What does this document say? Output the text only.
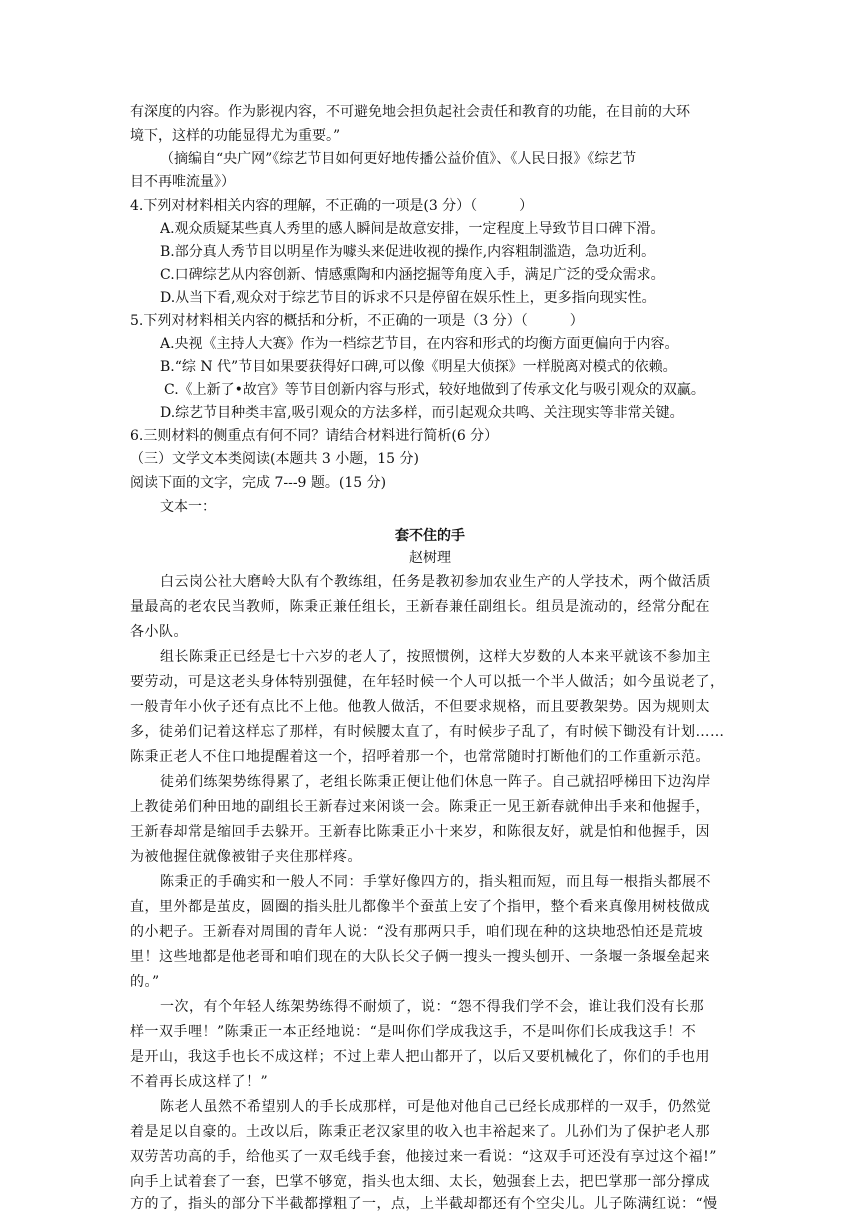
有深度的内容。作为影视内容，不可避免地会担负起社会责任和教育的功能，在目前的大环
境下，这样的功能显得尤为重要。”
（摘编自“央广网”《综艺节目如何更好地传播公益价值》、《人民日报》《综艺节
目不再唯流量》）
4.下列对材料相关内容的理解，不正确的一项是(3 分）（　　　）
A.观众质疑某些真人秀里的感人瞬间是故意安排，一定程度上导致节目口碑下滑。
B.部分真人秀节目以明星作为噱头来促进收视的操作,内容粗制滥造，急功近利。
C.口碑综艺从内容创新、情感熏陶和内涵挖掘等角度入手，满足广泛的受众需求。
D.从当下看,观众对于综艺节目的诉求不只是停留在娱乐性上，更多指向现实性。
5.下列对材料相关内容的概括和分析，不正确的一项是（3 分）（　　　）
A.央视《主持人大赛》作为一档综艺节目，在内容和形式的均衡方面更偏向于内容。
B.“综 N 代”节目如果要获得好口碑,可以像《明星大侦探》一样脱离对模式的依赖。
C.《上新了•故宫》等节目创新内容与形式，较好地做到了传承文化与吸引观众的双赢。
D.综艺节目种类丰富,吸引观众的方法多样，而引起观众共鸣、关注现实等非常关键。
6.三则材料的侧重点有何不同？请结合材料进行简析(6 分）
（三）文学文本类阅读(本题共 3 小题，15 分)
阅读下面的文字，完成 7---9 题。(15 分)
文本一：
套不住的手
赵树理
白云岗公社大磨岭大队有个教练组，任务是教初参加农业生产的人学技术，两个做活质
量最高的老农民当教师，陈秉正兼任组长，王新春兼任副组长。组员是流动的，经常分配在
各小队。
组长陈秉正已经是七十六岁的老人了，按照惯例，这样大岁数的人本来平就该不参加主
要劳动，可是这老头身体特别强健，在年轻时候一个人可以抵一个半人做活；如今虽说老了，
一般青年小伙子还有点比不上他。他教人做活，不但要求规格，而且要教架势。因为规则太
多，徒弟们记着这样忘了那样，有时候腰太直了，有时候步子乱了，有时候下锄没有计划……
陈秉正老人不住口地提醒着这一个，招呼着那一个，也常常随时打断他们的工作重新示范。
徒弟们练架势练得累了，老组长陈秉正便让他们休息一阵子。自己就招呼梯田下边沟岸
上教徒弟们种田地的副组长王新春过来闲谈一会。陈秉正一见王新春就伸出手来和他握手，
王新春却常是缩回手去躲开。王新春比陈秉正小十来岁，和陈很友好，就是怕和他握手，因
为被他握住就像被钳子夹住那样疼。
陈秉正的手确实和一般人不同：手掌好像四方的，指头粗而短，而且每一根指头都展不
直，里外都是茧皮，圆圈的指头肚儿都像半个蚕茧上安了个指甲，整个看来真像用树枝做成
的小耙子。王新春对周围的青年人说：“没有那两只手，咱们现在种的这块地恐怕还是荒坡
里！这些地都是他老哥和咱们现在的大队长父子俩一搜头一搜头刨开、一条堰一条堰垒起来
的。”
一次，有个年轻人练架势练得不耐烦了，说：“怨不得我们学不会，谁让我们没有长那
样一双手哩！”陈秉正一本正经地说：“是叫你们学成我这手，不是叫你们长成我这手！不
是开山，我这手也长不成这样；不过上辈人把山都开了，以后又要机械化了，你们的手也用
不着再长成这样了！”
陈老人虽然不希望别人的手长成那样，可是他对他自己已经长成那样的一双手，仍然觉
着是足以自豪的。土改以后，陈秉正老汉家里的收入也丰裕起来了。儿孙们为了保护老人那
双劳苦功高的手，给他买了一双毛线手套，他接过来一看说：“这双手可还没有享过这个福!”
向手上试着套了一套，巴掌不够宽，指头也太细、太长，勉强套上去，把巴掌那一部分撑成
方的了，指头的部分下半截都撑粗了一，点，上半截却都还有个空尖儿。儿子陈满红说：“慢
